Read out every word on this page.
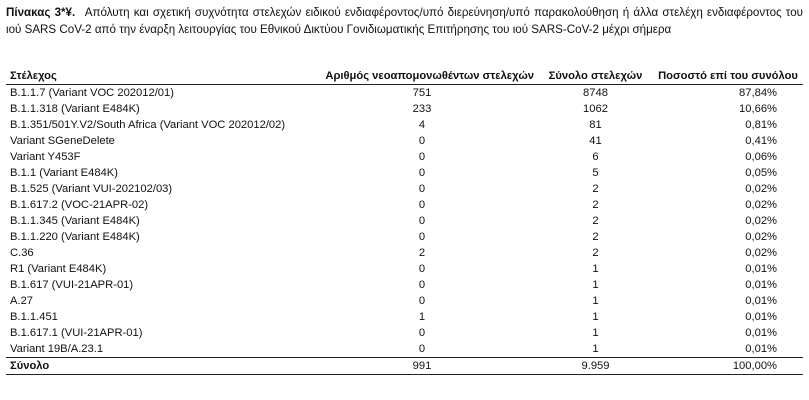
Πίνακας 3*¥. Απόλυτη και σχετική συχνότητα στελεχών ειδικού ενδιαφέροντος/υπό διερεύνηση/υπό παρακολούθηση ή άλλα στελέχη ενδιαφέροντος του ιού SARS CoV-2 από την έναρξη λειτουργίας του Εθνικού Δικτύου Γονιδιωματικής Επιτήρησης του ιού SARS-CoV-2 μέχρι σήμερα
Στέλεχος	Αριθμός νεοαπομονωθέντων στελεχών	Σύνολο στελεχών	Ποσοστό επί του συνόλου
B.1.1.7 (Variant VOC 202012/01)	751	8748	87,84%
B.1.1.318 (Variant E484K)	233	1062	10,66%
B.1.351/501Y.V2/South Africa (Variant VOC 202012/02)	4	81	0,81%
Variant SGeneDelete	0	41	0,41%
Variant Y453F	0	6	0,06%
B.1.1 (Variant E484K)	0	5	0,05%
B.1.525 (Variant VUI-202102/03)	0	2	0,02%
B.1.617.2 (VOC-21APR-02)	0	2	0,02%
B.1.1.345 (Variant E484K)	0	2	0,02%
B.1.1.220 (Variant E484K)	0	2	0,02%
C.36	2	2	0,02%
R1 (Variant E484K)	0	1	0,01%
B.1.617 (VUI-21APR-01)	0	1	0,01%
A.27	0	1	0,01%
B.1.1.451	1	1	0,01%
B.1.617.1 (VUI-21APR-01)	0	1	0,01%
Variant 19B/A.23.1	0	1	0,01%
Σύνολο	991	9.959	100,00%
